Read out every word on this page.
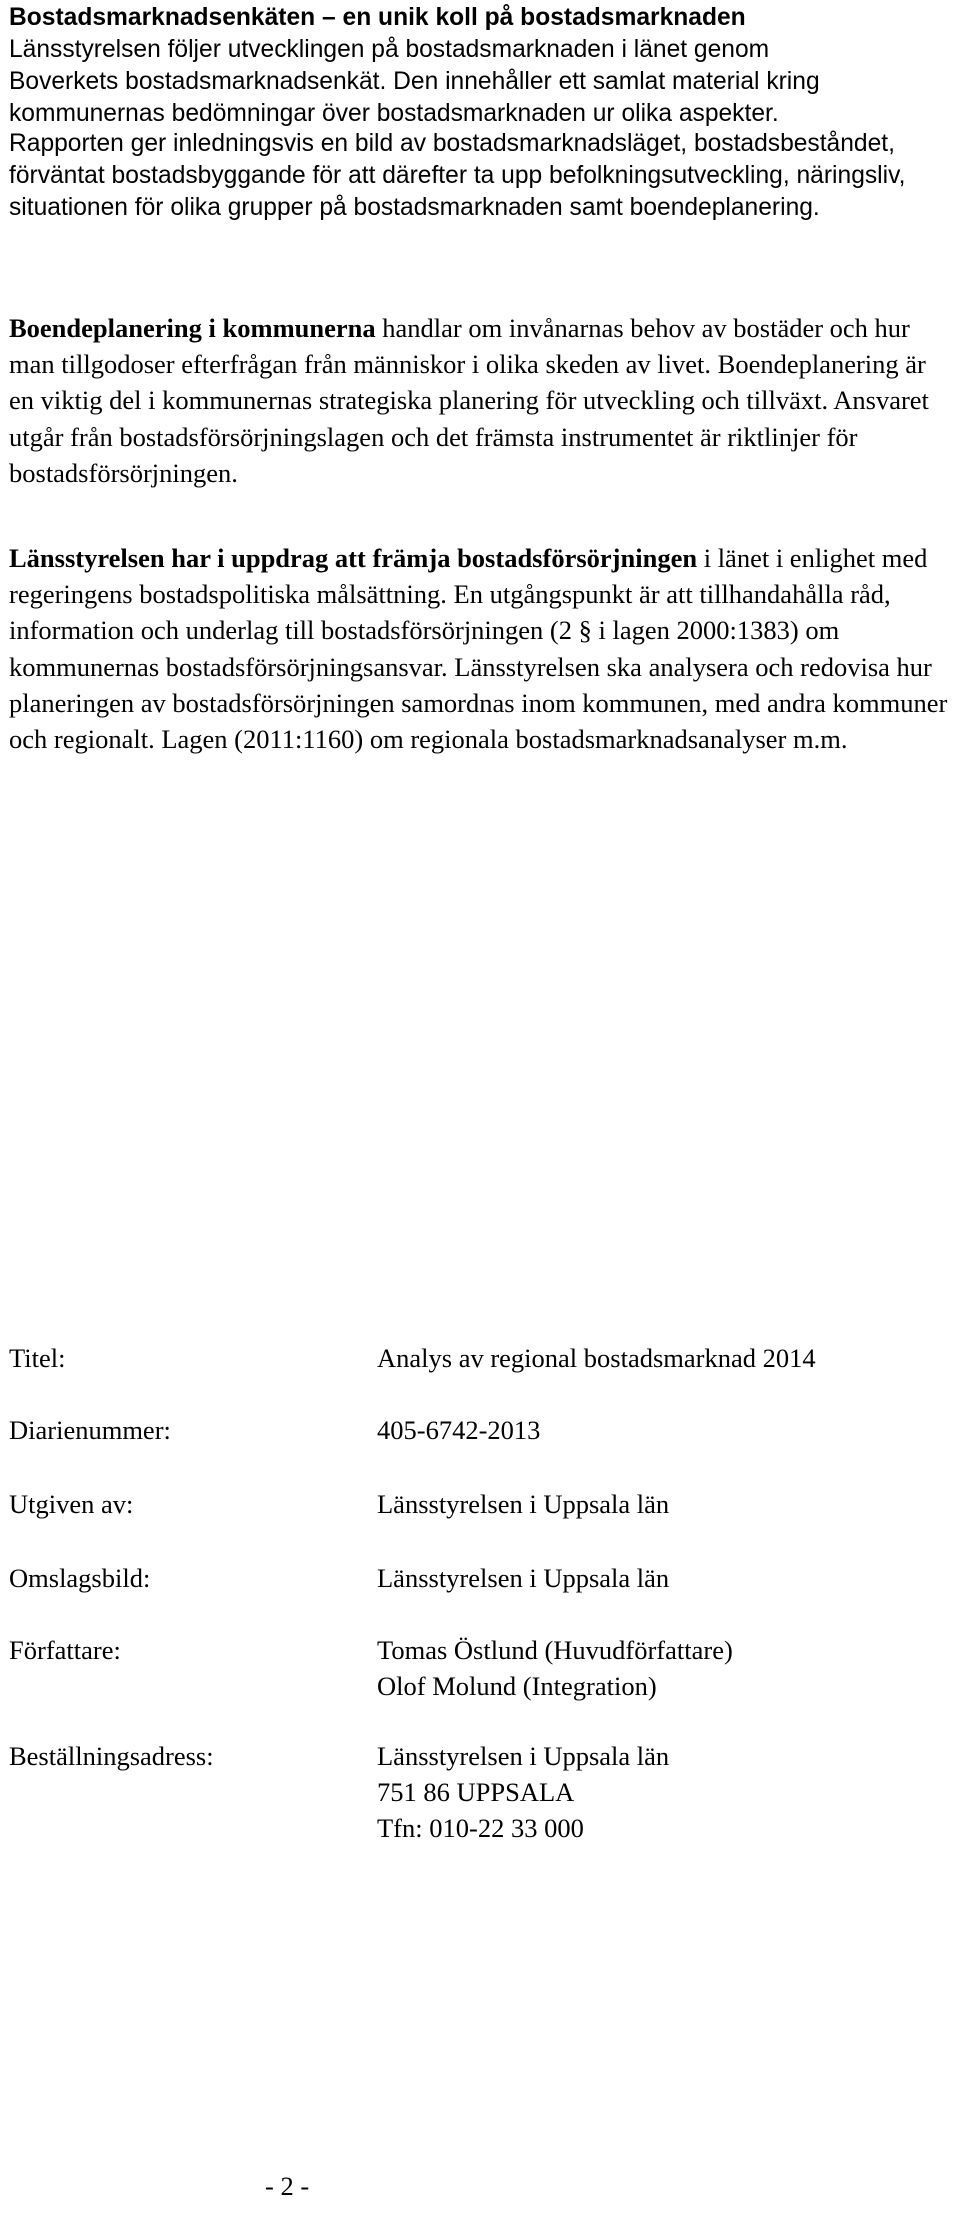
Bostadsmarknadsenkäten – en unik koll på bostadsmarknaden
Länsstyrelsen följer utvecklingen på bostadsmarknaden i länet genom
Boverkets bostadsmarknadsenkät. Den innehåller ett samlat material kring
kommunernas bedömningar över bostadsmarknaden ur olika aspekter.

Rapporten ger inledningsvis en bild av bostadsmarknadsläget, bostadsbeståndet, förväntat bostadsbyggande för att därefter ta upp befolkningsutveckling, näringsliv, situationen för olika grupper på bostadsmarknaden samt boendeplanering.

Boendeplanering i kommunerna handlar om invånarnas behov av bostäder och hur man tillgodoser efterfrågan från människor i olika skeden av livet. Boendeplanering är en viktig del i kommunernas strategiska planering för utveckling och tillväxt. Ansvaret utgår från bostadsförsörjningslagen och det främsta instrumentet är riktlinjer för bostadsförsörjningen.

Länsstyrelsen har i uppdrag att främja bostadsförsörjningen i länet i enlighet med regeringens bostadspolitiska målsättning. En utgångspunkt är att tillhandahålla råd, information och underlag till bostadsförsörjningen (2 § i lagen 2000:1383) om kommunernas bostadsförsörjningsansvar. Länsstyrelsen ska analysera och redovisa hur planeringen av bostadsförsörjningen samordnas inom kommunen, med andra kommuner och regionalt. Lagen (2011:1160) om regionala bostadsmarknadsanalyser m.m.

Titel:	Analys av regional bostadsmarknad 2014
Diarienummer:	405-6742-2013
Utgiven av:	Länsstyrelsen i Uppsala län
Omslagsbild:	Länsstyrelsen i Uppsala län
Författare:	Tomas Östlund (Huvudförfattare)
Olof Molund (Integration)
Beställningsadress:	Länsstyrelsen i Uppsala län
751 86 UPPSALA
Tfn: 010-22 33 000
- 2 -
